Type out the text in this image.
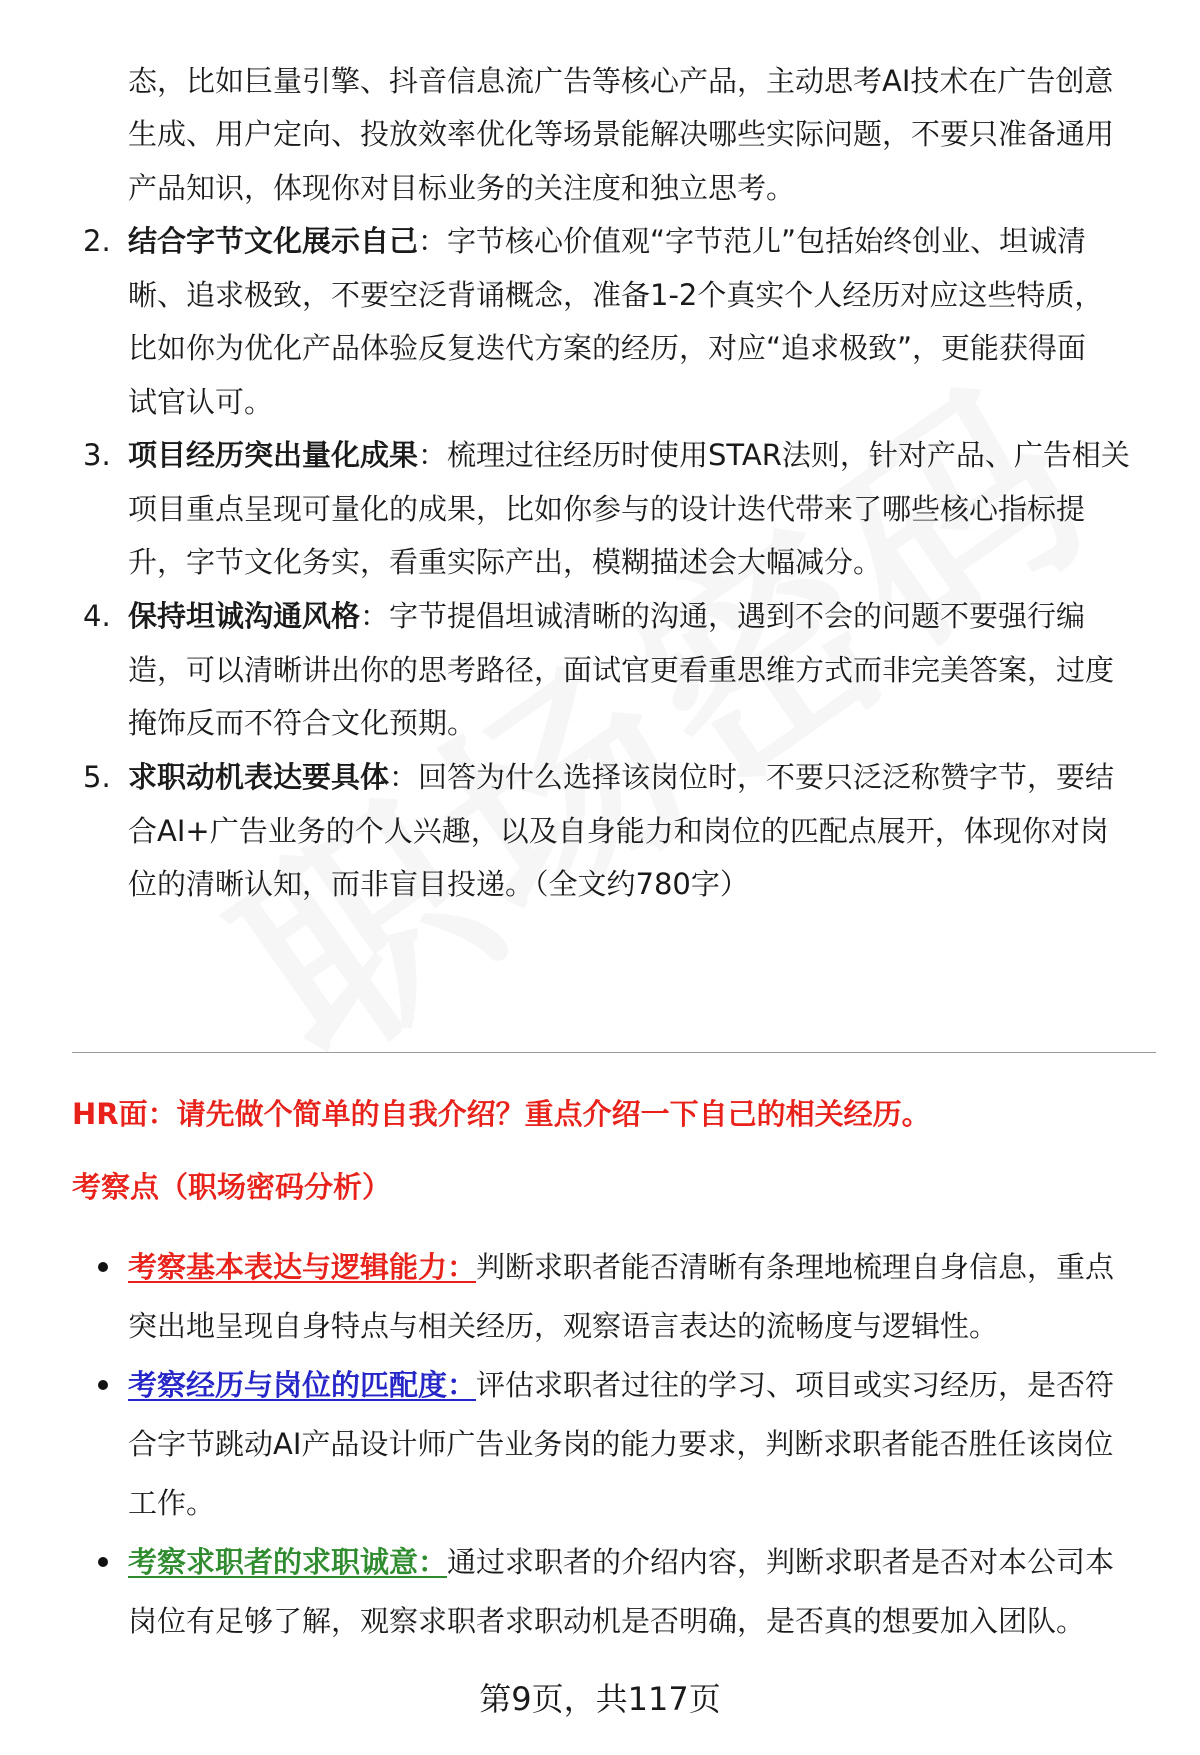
态，比如巨量引擎、抖音信息流广告等核心产品，主动思考AI技术在广告创意
生成、用户定向、投放效率优化等场景能解决哪些实际问题，不要只准备通用
产品知识，体现你对目标业务的关注度和独立思考。
2. 结合字节文化展示自己：字节核心价值观“字节范儿”包括始终创业、坦诚清
晰、追求极致，不要空泛背诵概念，准备1-2个真实个人经历对应这些特质，
比如你为优化产品体验反复迭代方案的经历，对应“追求极致”，更能获得面
试官认可。
3. 项目经历突出量化成果：梳理过往经历时使用STAR法则，针对产品、广告相关
项目重点呈现可量化的成果，比如你参与的设计迭代带来了哪些核心指标提
升，字节文化务实，看重实际产出，模糊描述会大幅减分。
4. 保持坦诚沟通风格：字节提倡坦诚清晰的沟通，遇到不会的问题不要强行编
造，可以清晰讲出你的思考路径，面试官更看重思维方式而非完美答案，过度
掩饰反而不符合文化预期。
5. 求职动机表达要具体：回答为什么选择该岗位时，不要只泛泛称赞字节，要结
合AI+广告业务的个人兴趣，以及自身能力和岗位的匹配点展开，体现你对岗
位的清晰认知，而非盲目投递。（全文约780字）
HR面：请先做个简单的自我介绍？重点介绍一下自己的相关经历。
考察点（职场密码分析）
考察基本表达与逻辑能力：判断求职者能否清晰有条理地梳理自身信息，重点
突出地呈现自身特点与相关经历，观察语言表达的流畅度与逻辑性。
考察经历与岗位的匹配度：评估求职者过往的学习、项目或实习经历，是否符
合字节跳动AI产品设计师广告业务岗的能力要求，判断求职者能否胜任该岗位
工作。
考察求职者的求职诚意：通过求职者的介绍内容，判断求职者是否对本公司本
岗位有足够了解，观察求职者求职动机是否明确，是否真的想要加入团队。
第9页，共117页
